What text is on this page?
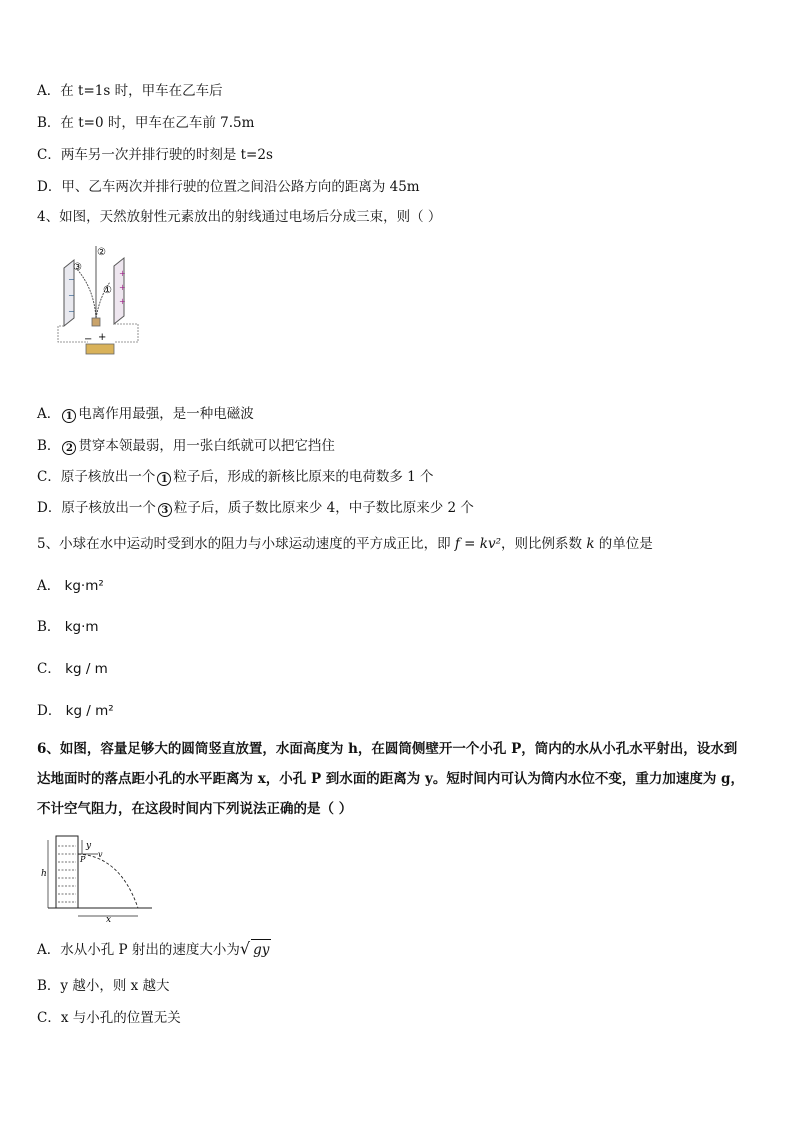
A．在 t=1s 时，甲车在乙车后
B．在 t=0 时，甲车在乙车前 7.5m
C．两车另一次并排行驶的时刻是 t=2s
D．甲、乙车两次并排行驶的位置之间沿公路方向的距离为 45m
4、如图，天然放射性元素放出的射线通过电场后分成三束，则（ ）
+
+
+
−
−
−
②
①
③
− +
A． 1 电离作用最强，是一种电磁波
B． 2 贯穿本领最弱，用一张白纸就可以把它挡住
C．原子核放出一个 1 粒子后，形成的新核比原来的电荷数多 1 个
D．原子核放出一个 3 粒子后，质子数比原来少 4，中子数比原来少 2 个
5、小球在水中运动时受到水的阻力与小球运动速度的平方成正比，即 f = kv²，则比例系数 k 的单位是
A． kg·m²
B． kg·m
C． kg / m
D． kg / m²
6、如图，容量足够大的圆筒竖直放置，水面高度为 h，在圆筒侧壁开一个小孔 P，筒内的水从小孔水平射出，设水到
达地面时的落点距小孔的水平距离为 x，小孔 P 到水面的距离为 y。短时间内可认为筒内水位不变，重力加速度为 g，
不计空气阻力，在这段时间内下列说法正确的是（ ）
h
y
P
v
x
A．水从小孔 P 射出的速度大小为√ gy
B．y 越小，则 x 越大
C．x 与小孔的位置无关
